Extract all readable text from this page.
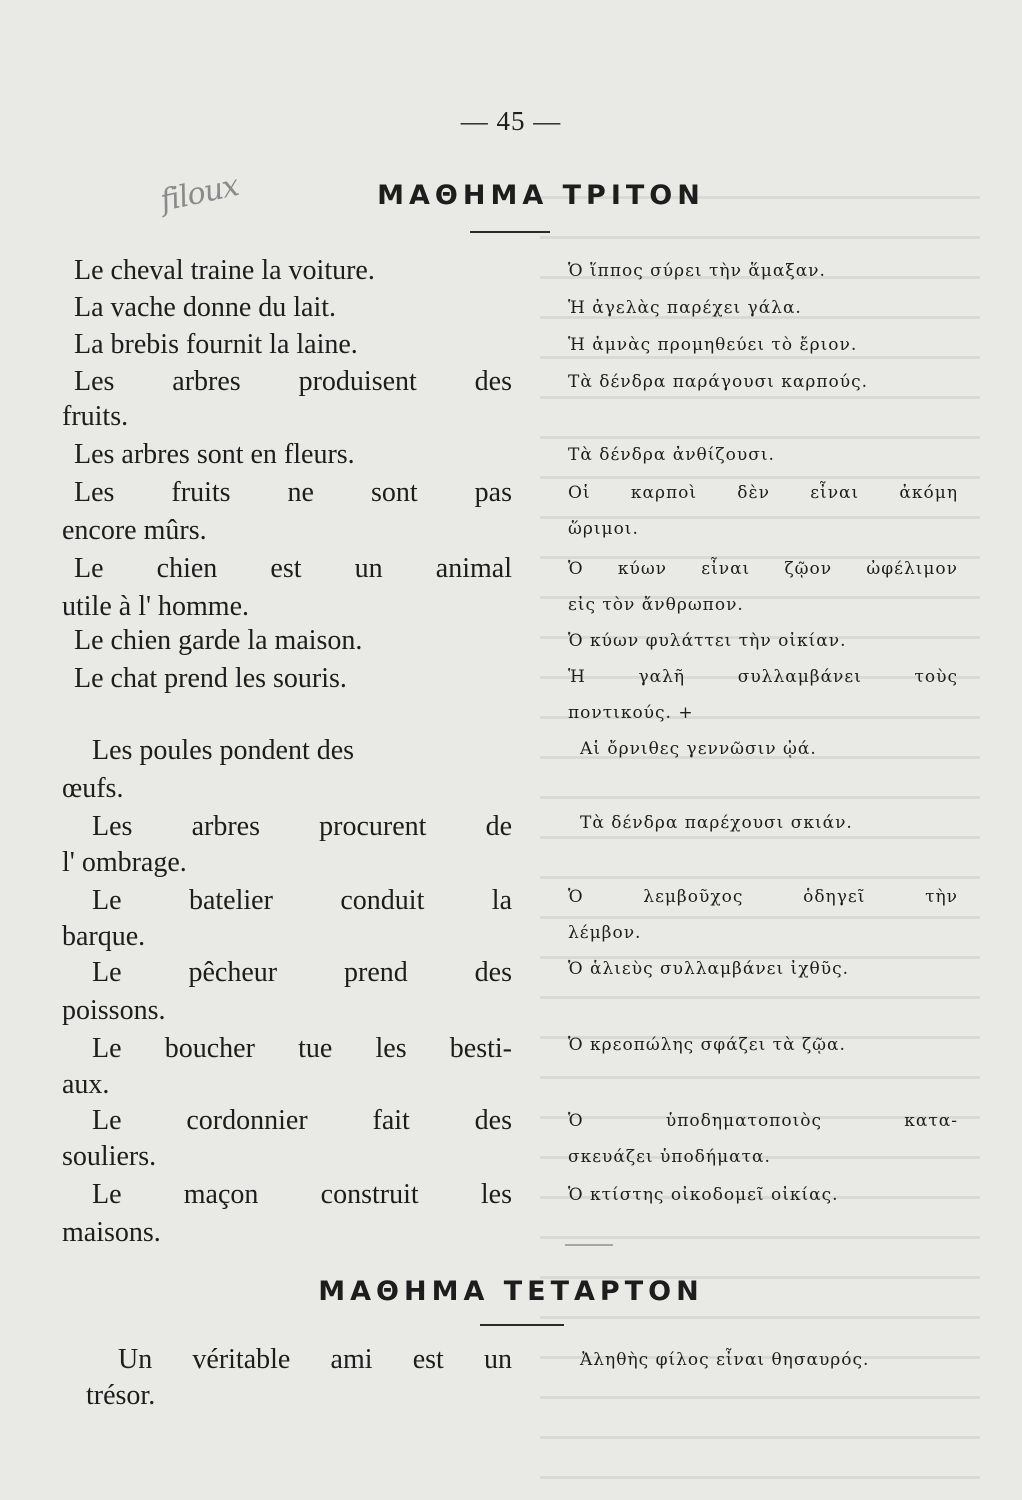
— 45 —
filoux	ΜΑΘΗΜΑ ΤΡΙΤΟΝ
Le cheval traine la voiture.
La vache donne du lait.
La brebis fournit la laine.
Les arbres produisent des
fruits.
Les arbres sont en fleurs.
Les fruits ne sont pas
encore mûrs.
Le chien est un animal
utile à l' homme.
Le chien garde la maison.
Le chat prend les souris.
Les poules pondent des
œufs.
Les arbres procurent de
l' ombrage.
Le batelier conduit la
barque.
Le pêcheur prend des
poissons.
Le boucher tue les besti-
aux.
Le cordonnier fait des
souliers.
Le maçon construit les
maisons.
Ὁ ἵππος σύρει τὴν ἅμαξαν.
Ἡ ἀγελὰς παρέχει γάλα.
Ἡ ἀμνὰς προμηθεύει τὸ ἔριον.
Τὰ δένδρα παράγουσι καρπούς.
Τὰ δένδρα ἀνθίζουσι.
Οἱ καρποὶ δὲν εἶναι ἀκόμη
ὥριμοι.
Ὁ κύων εἶναι ζῷον ὠφέλιμον
εἰς τὸν ἄνθρωπον.
Ὁ κύων φυλάττει τὴν οἰκίαν.
Ἡ γαλῆ συλλαμβάνει τοὺς
ποντικούς. +
Αἱ ὄρνιθες γεννῶσιν ᾠά.
Τὰ δένδρα παρέχουσι σκιάν.
Ὁ λεμβοῦχος ὁδηγεῖ τὴν
λέμβον.
Ὁ ἁλιεὺς συλλαμβάνει ἰχθῦς.
Ὁ κρεοπώλης σφάζει τὰ ζῷα.
Ὁ ὑποδηματοποιὸς κατα-
σκευάζει ὑποδήματα.
Ὁ κτίστης οἰκοδομεῖ οἰκίας.
ΜΑΘΗΜΑ ΤΕΤΑΡΤΟΝ
Un véritable ami est un
trésor.
Ἀληθὴς φίλος εἶναι θησαυρός.
